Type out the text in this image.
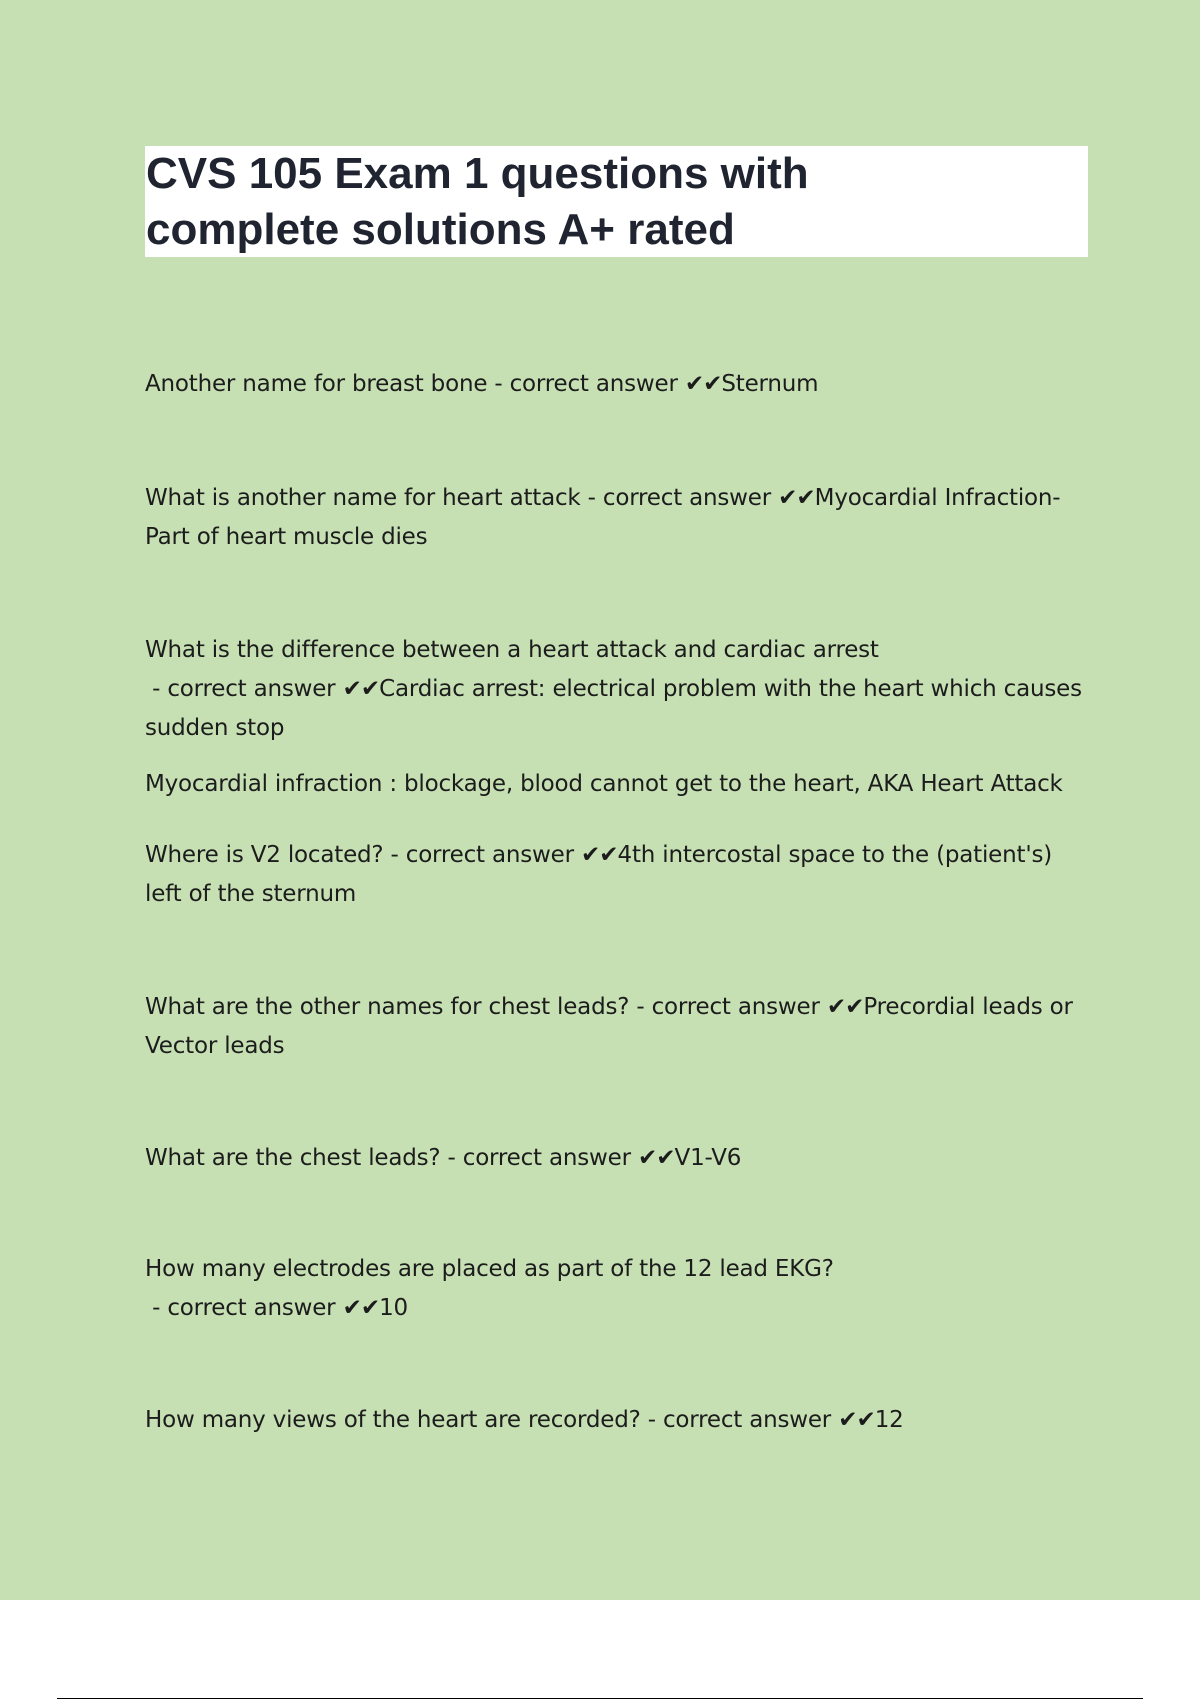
CVS 105 Exam 1 questions with
complete solutions A+ rated

Another name for breast bone - correct answer ✔✔Sternum

What is another name for heart attack - correct answer ✔✔Myocardial Infraction- Part of heart muscle dies

What is the difference between a heart attack and cardiac arrest - correct answer ✔✔Cardiac arrest: electrical problem with the heart which causes sudden stop

Myocardial infraction : blockage, blood cannot get to the heart, AKA Heart Attack

Where is V2 located? - correct answer ✔✔4th intercostal space to the (patient's) left of the sternum

What are the other names for chest leads? - correct answer ✔✔Precordial leads or Vector leads

What are the chest leads? - correct answer ✔✔V1-V6

How many electrodes are placed as part of the 12 lead EKG? - correct answer ✔✔10

How many views of the heart are recorded? - correct answer ✔✔12
